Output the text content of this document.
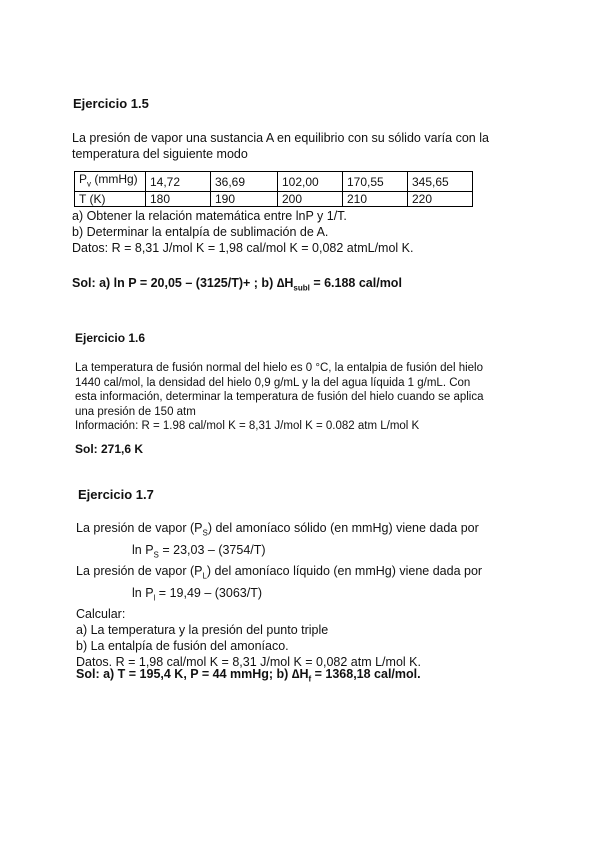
Ejercicio 1.5
La presión de vapor una sustancia A en equilibrio con su sólido varía con la
temperatura del siguiente modo
$P_v$ (mmHg)	14,72	36,69	102,00	170,55	345,65
T (K)	180	190	200	210	220
a) Obtener la relación matemática entre lnP y 1/T.
b) Determinar la entalpía de sublimación de A.
Datos: R = 8,31 J/mol K = 1,98 cal/mol K = 0,082 atmL/mol K.
Sol: a) ln P = 20,05 – (3125/T)+ ; b) $\Delta H_{subl} = 6.188$ cal/mol
Ejercicio 1.6
La temperatura de fusión normal del hielo es 0 °C, la entalpia de fusión del hielo
1440 cal/mol, la densidad del hielo 0,9 g/mL y la del agua líquida 1 g/mL. Con
esta información, determinar la temperatura de fusión del hielo cuando se aplica
una presión de 150 atm
Información: R = 1.98 cal/mol K = 8,31 J/mol K = 0.082 atm L/mol K
Sol: 271,6 K
Ejercicio 1.7
La presión de vapor $(P_S)$ del amoníaco sólido (en mmHg) viene dada por
$\ln P_S = 23,03 - (3754/T)$
La presión de vapor $(P_L)$ del amoníaco líquido (en mmHg) viene dada por
$\ln P_l = 19,49 - (3063/T)$
Calcular:
a) La temperatura y la presión del punto triple
b) La entalpía de fusión del amoníaco.
Datos. R = 1,98 cal/mol K = 8,31 J/mol K = 0,082 atm L/mol K.
Sol: a) T = 195,4 K, P = 44 mmHg; b) $\Delta H_f = 1368,18$ cal/mol.
